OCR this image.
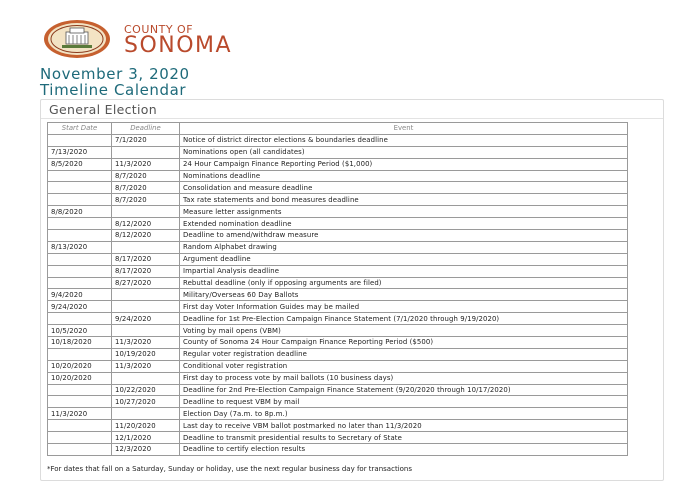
COUNTY OF
SONOMA
November 3, 2020
Timeline Calendar
General Election
Start Date	Deadline	Event
	7/1/2020	Notice of district director elections & boundaries deadline
7/13/2020		Nominations open (all candidates)
8/5/2020	11/3/2020	24 Hour Campaign Finance Reporting Period ($1,000)
	8/7/2020	Nominations deadline
	8/7/2020	Consolidation and measure deadline
	8/7/2020	Tax rate statements and bond measures deadline
8/8/2020		Measure letter assignments
	8/12/2020	Extended nomination deadline
	8/12/2020	Deadline to amend/withdraw measure
8/13/2020		Random Alphabet drawing
	8/17/2020	Argument deadline
	8/17/2020	Impartial Analysis deadline
	8/27/2020	Rebuttal deadline (only if opposing arguments are filed)
9/4/2020		Military/Overseas 60 Day Ballots
9/24/2020		First day Voter Information Guides may be mailed
	9/24/2020	Deadline for 1st Pre-Election Campaign Finance Statement (7/1/2020 through 9/19/2020)
10/5/2020		Voting by mail opens (VBM)
10/18/2020	11/3/2020	County of Sonoma 24 Hour Campaign Finance Reporting Period ($500)
	10/19/2020	Regular voter registration deadline
10/20/2020	11/3/2020	Conditional voter registration
10/20/2020		First day to process vote by mail ballots (10 business days)
	10/22/2020	Deadline for 2nd Pre-Election Campaign Finance Statement (9/20/2020 through 10/17/2020)
	10/27/2020	Deadline to request VBM by mail
11/3/2020		Election Day (7a.m. to 8p.m.)
	11/20/2020	Last day to receive VBM ballot postmarked no later than 11/3/2020
	12/1/2020	Deadline to transmit presidential results to Secretary of State
	12/3/2020	Deadline to certify election results
*For dates that fall on a Saturday, Sunday or holiday, use the next regular business day for transactions
